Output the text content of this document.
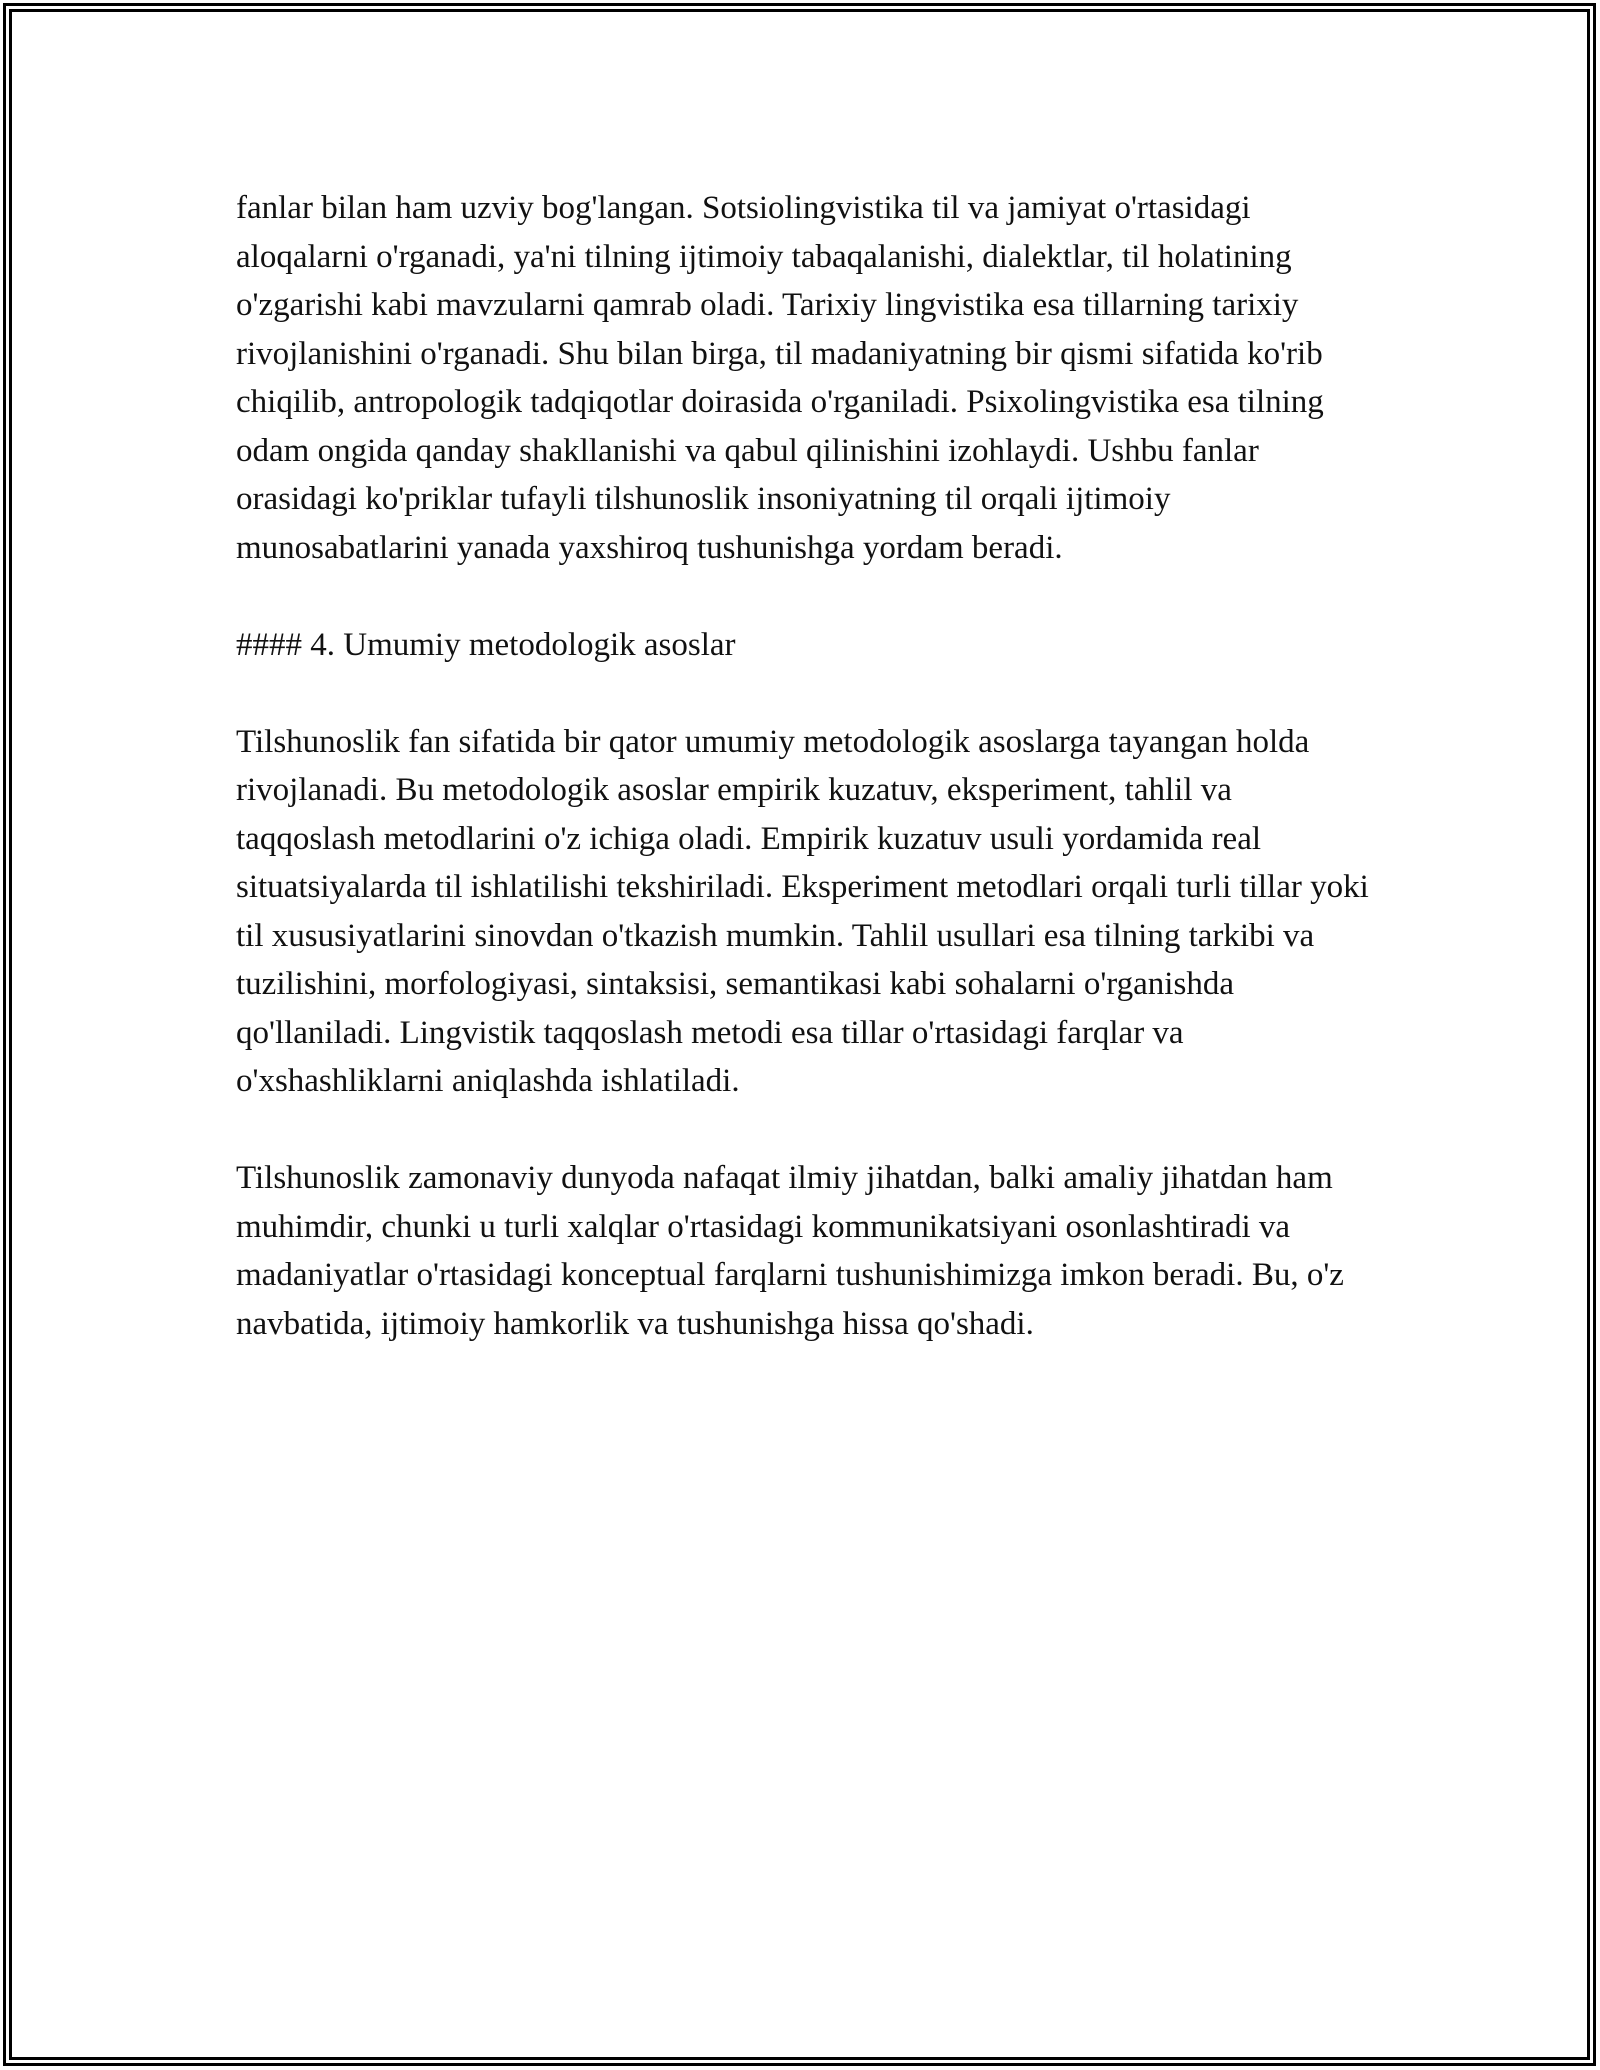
fanlar bilan ham uzviy bog'langan. Sotsiolingvistika til va jamiyat o'rtasidagi aloqalarni o'rganadi, ya'ni tilning ijtimoiy tabaqalanishi, dialektlar, til holatining o'zgarishi kabi mavzularni qamrab oladi. Tarixiy lingvistika esa tillarning tarixiy rivojlanishini o'rganadi. Shu bilan birga, til madaniyatning bir qismi sifatida ko'rib chiqilib, antropologik tadqiqotlar doirasida o'rganiladi. Psixolingvistika esa tilning odam ongida qanday shakllanishi va qabul qilinishini izohlaydi. Ushbu fanlar orasidagi ko'priklar tufayli tilshunoslik insoniyatning til orqali ijtimoiy munosabatlarini yanada yaxshiroq tushunishga yordam beradi.

#### 4. Umumiy metodologik asoslar

Tilshunoslik fan sifatida bir qator umumiy metodologik asoslarga tayangan holda rivojlanadi. Bu metodologik asoslar empirik kuzatuv, eksperiment, tahlil va taqqoslash metodlarini o'z ichiga oladi. Empirik kuzatuv usuli yordamida real situatsiyalarda til ishlatilishi tekshiriladi. Eksperiment metodlari orqali turli tillar yoki til xususiyatlarini sinovdan o'tkazish mumkin. Tahlil usullari esa tilning tarkibi va tuzilishini, morfologiyasi, sintaksisi, semantikasi kabi sohalarni o'rganishda qo'llaniladi. Lingvistik taqqoslash metodi esa tillar o'rtasidagi farqlar va o'xshashliklarni aniqlashda ishlatiladi.

Tilshunoslik zamonaviy dunyoda nafaqat ilmiy jihatdan, balki amaliy jihatdan ham muhimdir, chunki u turli xalqlar o'rtasidagi kommunikatsiyani osonlashtiradi va madaniyatlar o'rtasidagi konceptual farqlarni tushunishimizga imkon beradi. Bu, o'z navbatida, ijtimoiy hamkorlik va tushunishga hissa qo'shadi.
